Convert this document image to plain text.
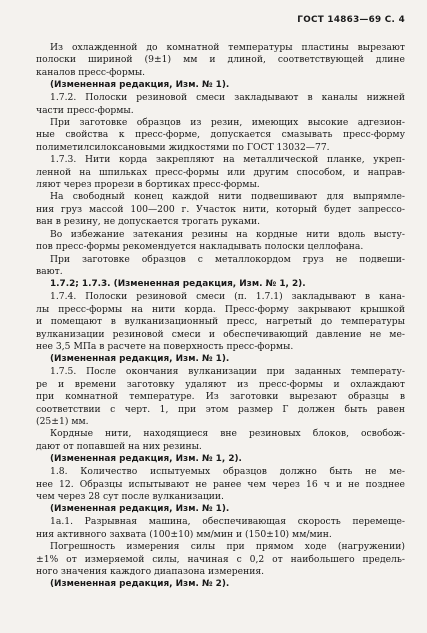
ГОСТ 14863—69 С. 4

Из охлажденной до комнатной температуры пластины вырезают
полоски шириной (9±1) мм и длиной, соответствующей длине
каналов пресс-формы.

(Измененная редакция, Изм. № 1).

1.7.2. Полоски резиновой смеси закладывают в каналы нижней
части пресс-формы.

При заготовке образцов из резин, имеющих высокие адгезион-
ные свойства к пресс-форме, допускается смазывать пресс-форму
полиметилсилоксановыми жидкостями по ГОСТ 13032—77.

1.7.3. Нити корда закрепляют на металлической планке, укреп-
ленной на шпильках пресс-формы или другим способом, и направ-
ляют через прорези в бортиках пресс-формы.

На свободный конец каждой нити подвешивают для выпрямле-
ния груз массой 100—200 г. Участок нити, который будет запрессо-
ван в резину, не допускается трогать руками.

Во избежание затекания резины на кордные нити вдоль высту-
пов пресс-формы рекомендуется накладывать полоски целлофана.

При заготовке образцов с металлокордом груз не подвеши-
вают.

1.7.2; 1.7.3. (Измененная редакция, Изм. № 1, 2).

1.7.4. Полоски резиновой смеси (п. 1.7.1) закладывают в кана-
лы пресс-формы на нити корда. Пресс-форму закрывают крышкой
и помещают в вулканизационный пресс, нагретый до температуры
вулканизации резиновой смеси и обеспечивающий давление не ме-
нее 3,5 МПа в расчете на поверхность пресс-формы.

(Измененная редакция, Изм. № 1).

1.7.5. После окончания вулканизации при заданных температу-
ре и времени заготовку удаляют из пресс-формы и охлаждают
при комнатной температуре. Из заготовки вырезают образцы в
соответствии с черт. 1, при этом размер Г должен быть равен
(25±1) мм.

Кордные нити, находящиеся вне резиновых блоков, освобож-
дают от попавшей на них резины.

(Измененная редакция, Изм. № 1, 2).

1.8. Количество испытуемых образцов должно быть не ме-
нее 12. Образцы испытывают не ранее чем через 16 ч и не позднее
чем через 28 сут после вулканизации.

(Измененная редакция, Изм. № 1).

1а.1. Разрывная машина, обеспечивающая скорость перемеще-
ния активного захвата (100±10) мм/мин и (150±10) мм/мин.

Погрешность измерения силы при прямом ходе (нагружении)
±1% от измеряемой силы, начиная с 0,2 от наибольшего предель-
ного значения каждого диапазона измерения.

(Измененная редакция, Изм. № 2).
